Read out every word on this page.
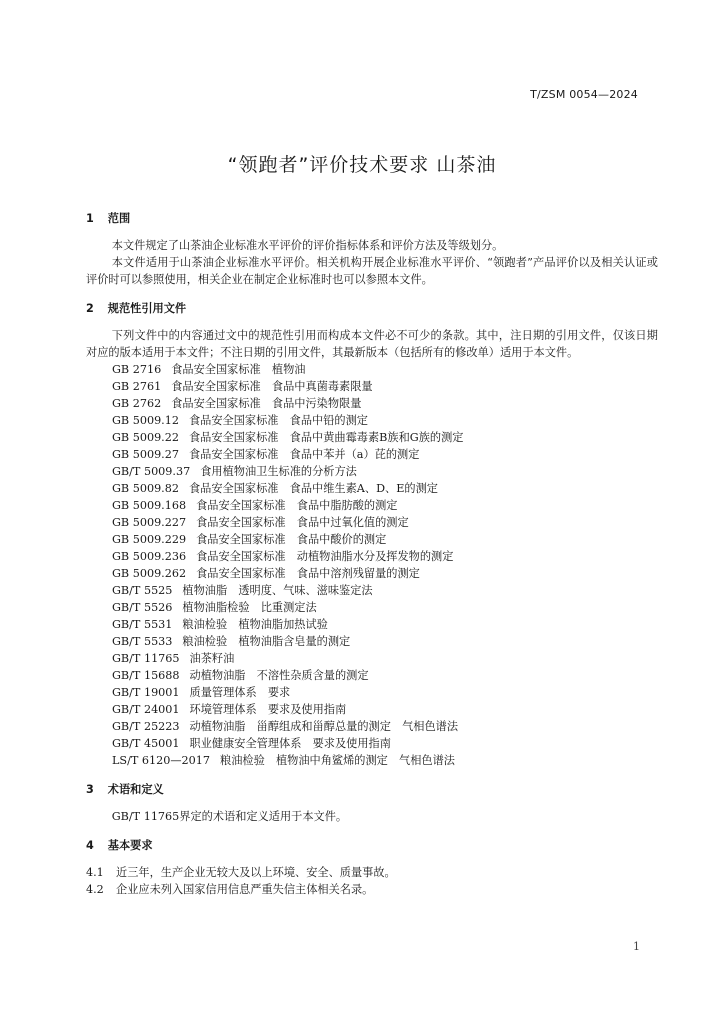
T/ZSM 0054—2024
“领跑者”评价技术要求 山茶油
1 范围
本文件规定了山茶油企业标准水平评价的评价指标体系和评价方法及等级划分。
本文件适用于山茶油企业标准水平评价。相关机构开展企业标准水平评价、“领跑者”产品评价以及相关认证或评价时可以参照使用，相关企业在制定企业标准时也可以参照本文件。
2 规范性引用文件
下列文件中的内容通过文中的规范性引用而构成本文件必不可少的条款。其中，注日期的引用文件，仅该日期对应的版本适用于本文件；不注日期的引用文件，其最新版本（包括所有的修改单）适用于本文件。
GB 2716 食品安全国家标准　植物油
GB 2761 食品安全国家标准　食品中真菌毒素限量
GB 2762 食品安全国家标准　食品中污染物限量
GB 5009.12 食品安全国家标准　食品中铅的测定
GB 5009.22 食品安全国家标准　食品中黄曲霉毒素B族和G族的测定
GB 5009.27 食品安全国家标准　食品中苯并（a）芘的测定
GB/T 5009.37 食用植物油卫生标准的分析方法
GB 5009.82 食品安全国家标准　食品中维生素A、D、E的测定
GB 5009.168 食品安全国家标准　食品中脂肪酸的测定
GB 5009.227 食品安全国家标准　食品中过氧化值的测定
GB 5009.229 食品安全国家标准　食品中酸价的测定
GB 5009.236 食品安全国家标准　动植物油脂水分及挥发物的测定
GB 5009.262 食品安全国家标准　食品中溶剂残留量的测定
GB/T 5525 植物油脂　透明度、气味、滋味鉴定法
GB/T 5526 植物油脂检验　比重测定法
GB/T 5531 粮油检验　植物油脂加热试验
GB/T 5533 粮油检验　植物油脂含皂量的测定
GB/T 11765 油茶籽油
GB/T 15688 动植物油脂　不溶性杂质含量的测定
GB/T 19001 质量管理体系　要求
GB/T 24001 环境管理体系　要求及使用指南
GB/T 25223 动植物油脂　甾醇组成和甾醇总量的测定　气相色谱法
GB/T 45001 职业健康安全管理体系　要求及使用指南
LS/T 6120—2017 粮油检验　植物油中角鲨烯的测定　气相色谱法
3 术语和定义
GB/T 11765界定的术语和定义适用于本文件。
4 基本要求
4.1	近三年，生产企业无较大及以上环境、安全、质量事故。
4.2	企业应未列入国家信用信息严重失信主体相关名录。
1
